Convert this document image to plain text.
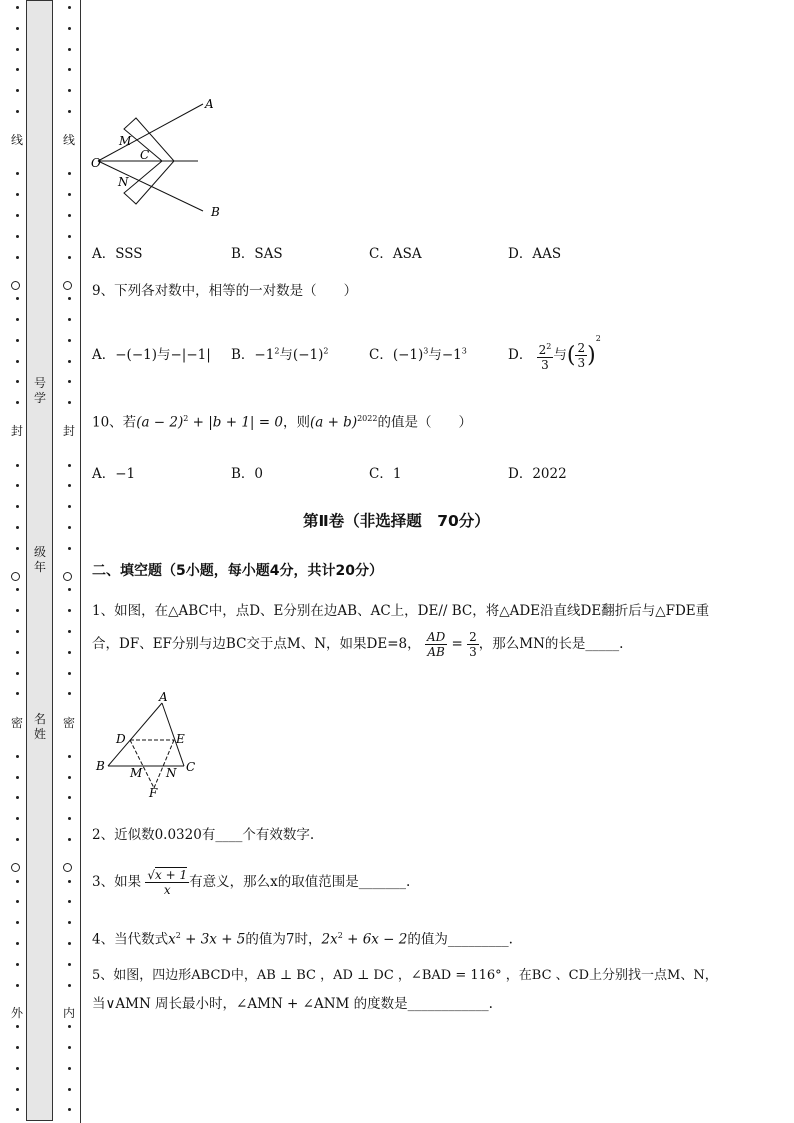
线
封
密
外
线
封
密
内
号
学
级
年
名
姓
A
B
O
M
N
C
A．SSS	B．SAS	C．ASA	D．AAS
9、下列各对数中，相等的一对数是（　　）
A．−(−1)与−|−1| B．$-1^2$与$(-1)^2$	C．$(-1)^3$与$-1^3$	D． $\frac{2^2}{3}$ 与( $\frac{2}{3} )^2$
10、若$(a - 2)^2 + |b + 1| = 0$，则$(a + b)^{2022}$的值是（　　）
A．−1	B．0	C．1	D．2022
第Ⅱ卷（非选择题　70分）
二、填空题（5小题，每小题4分，共计20分）
1、如图，在△ABC中，点D、E分别在边AB、AC上，DE// BC，将△ADE沿直线DE翻折后与△FDE重
合，DF、EF分别与边BC交于点M、N，如果DE=8， $\frac{AD}{AB} = \frac{2}{3}$ ，那么MN的长是_____.
A
D	E
B M N C
F
2、近似数0.0320有____个有效数字.
3、如果 $\frac{√x + 1}{x}$ 有意义，那么x的取值范围是_______.
4、当代数式$x^2 + 3x + 5$的值为7时，$2x^2 + 6x - 2$的值为_________.
5、如图，四边形ABCD中，AB ⊥ BC ，AD ⊥ DC ，∠BAD = 116° ，在BC 、CD上分别找一点M、N，
当∨AMN 周长最小时，∠AMN + ∠ANM 的度数是____________.
